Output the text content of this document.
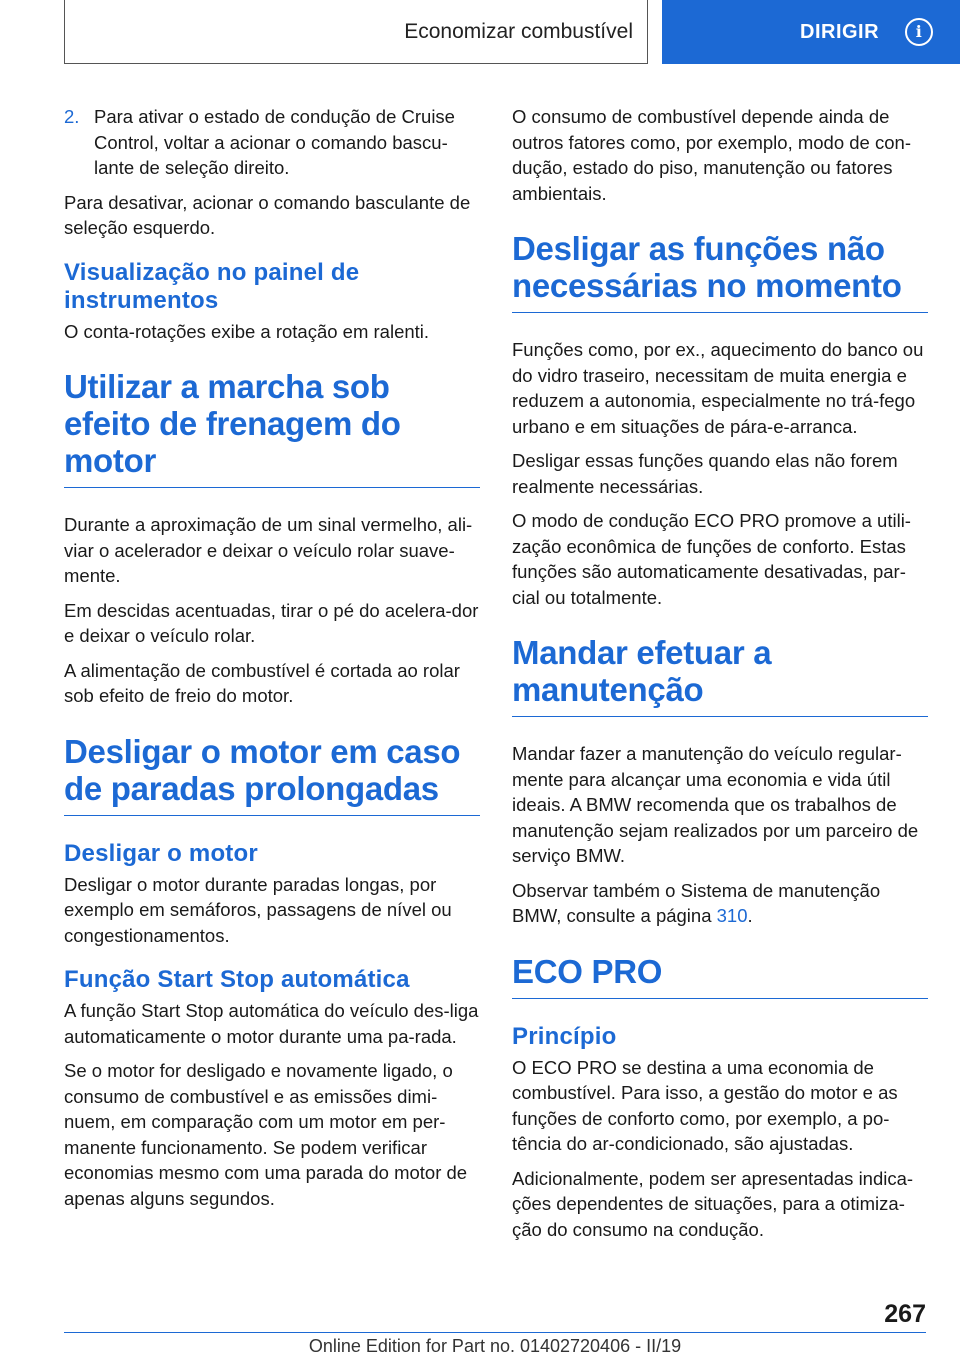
Economizar combustível	DIRIGIR i
2. Para ativar o estado de condução de Cruise Control, voltar a acionar o comando bascu-lante de seleção direito.

Para desativar, acionar o comando basculante de seleção esquerdo.

Visualização no painel de instrumentos

O conta-rotações exibe a rotação em ralenti.

Utilizar a marcha sob efeito de frenagem do motor

Durante a aproximação de um sinal vermelho, ali-viar o acelerador e deixar o veículo rolar suave-mente.

Em descidas acentuadas, tirar o pé do acelera-dor e deixar o veículo rolar.

A alimentação de combustível é cortada ao rolar sob efeito de freio do motor.

Desligar o motor em caso de paradas prolongadas
Desligar o motor

Desligar o motor durante paradas longas, por exemplo em semáforos, passagens de nível ou congestionamentos.

Função Start Stop automática

A função Start Stop automática do veículo des-liga automaticamente o motor durante uma pa-rada.

Se o motor for desligado e novamente ligado, o consumo de combustível e as emissões dimi-nuem, em comparação com um motor em per-manente funcionamento. Se podem verificar economias mesmo com uma parada do motor de apenas alguns segundos.

O consumo de combustível depende ainda de outros fatores como, por exemplo, modo de con-dução, estado do piso, manutenção ou fatores ambientais.

Desligar as funções não necessárias no momento

Funções como, por ex., aquecimento do banco ou do vidro traseiro, necessitam de muita energia e reduzem a autonomia, especialmente no trá-fego urbano e em situações de pára-e-arranca.

Desligar essas funções quando elas não forem realmente necessárias.

O modo de condução ECO PRO promove a utili-zação econômica de funções de conforto. Estas funções são automaticamente desativadas, par-cial ou totalmente.

Mandar efetuar a manutenção

Mandar fazer a manutenção do veículo regular-mente para alcançar uma economia e vida útil ideais. A BMW recomenda que os trabalhos de manutenção sejam realizados por um parceiro de serviço BMW.

Observar também o Sistema de manutenção BMW, consulte a página 310.

ECO PRO
Princípio

O ECO PRO se destina a uma economia de combustível. Para isso, a gestão do motor e as funções de conforto como, por exemplo, a po-tência do ar-condicionado, são ajustadas.

Adicionalmente, podem ser apresentadas indica-ções dependentes de situações, para a otimiza-ção do consumo na condução.

267
Online Edition for Part no. 01402720406 - II/19
